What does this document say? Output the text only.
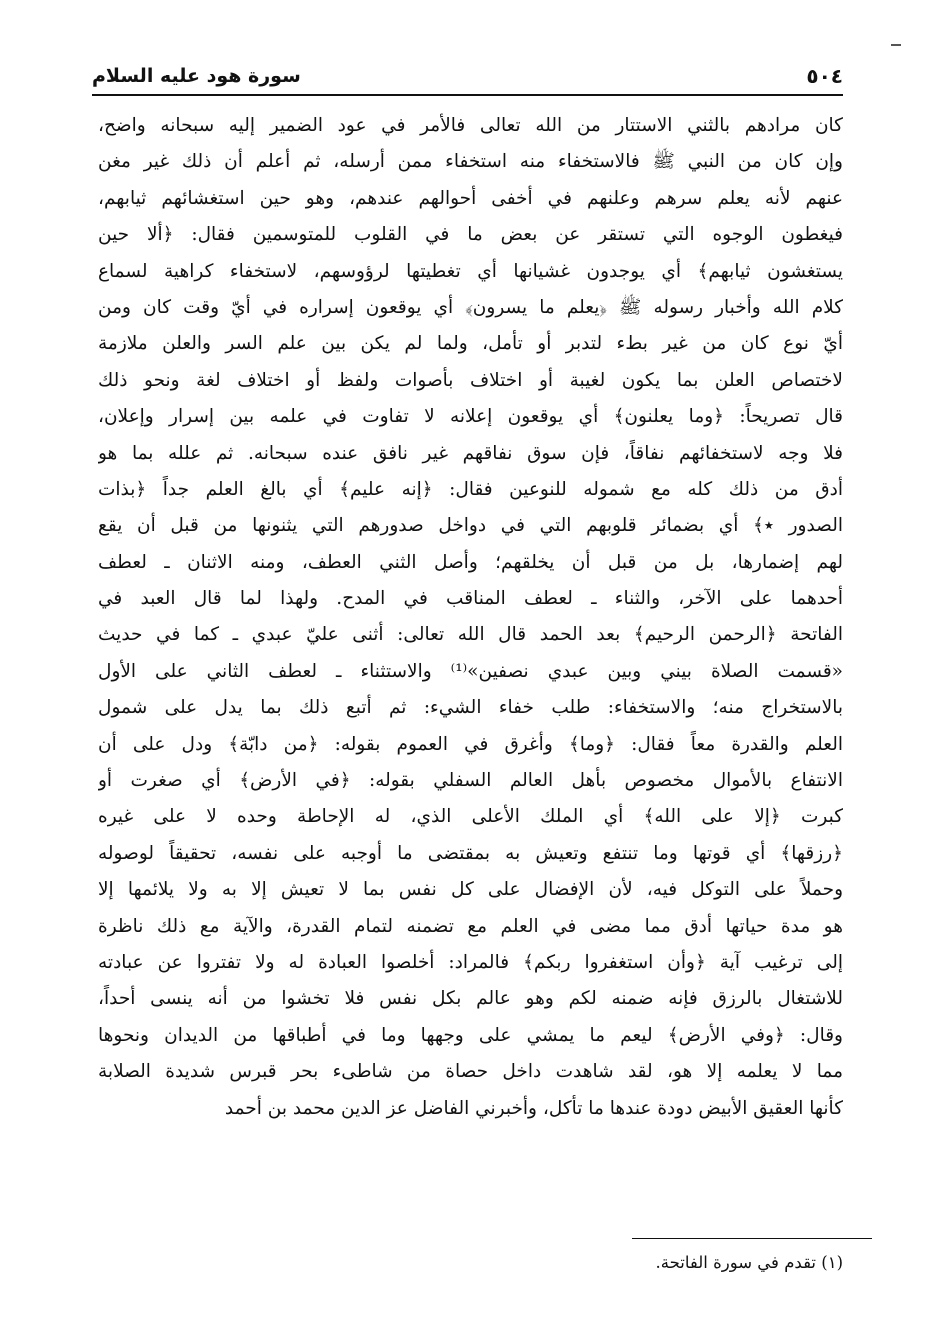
٥٠٤
سورة هود عليه السلام
كان مرادهم بالثني الاستتار من الله تعالى فالأمر في عود الضمير إليه سبحانه واضح،
وإن كان من النبي ﷺ فالاستخفاء منه استخفاء ممن أرسله، ثم أعلم أن ذلك غير مغن
عنهم لأنه يعلم سرهم وعلنهم في أخفى أحوالهم عندهم، وهو حين استغشائهم ثيابهم،
فيغطون الوجوه التي تستقر عن بعض ما في القلوب للمتوسمين فقال: ﴿ألا حين
يستغشون ثيابهم﴾ أي يوجدون غشيانها أي تغطيتها لرؤوسهم، لاستخفاء كراهية لسماع
كلام الله وأخبار رسوله ﷺ ﴿يعلم ما يسرون﴾ أي يوقعون إسراره في أيّ وقت كان ومن
أيّ نوع كان من غير بطء لتدبر أو تأمل، ولما لم يكن بين علم السر والعلن ملازمة
لاختصاص العلن بما يكون لغيبة أو اختلاف بأصوات ولفظ أو اختلاف لغة ونحو ذلك
قال تصريحاً: ﴿وما يعلنون﴾ أي يوقعون إعلانه لا تفاوت في علمه بين إسرار وإعلان،
فلا وجه لاستخفائهم نفاقاً، فإن سوق نفاقهم غير نافق عنده سبحانه. ثم علله بما هو
أدق من ذلك كله مع شموله للنوعين فقال: ﴿إنه عليم﴾ أي بالغ العلم جداً ﴿بذات
الصدور ٭﴾ أي بضمائر قلوبهم التي في دواخل صدورهم التي يثنونها من قبل أن يقع
لهم إضمارها، بل من قبل أن يخلقهم؛ وأصل الثني العطف، ومنه الاثنان ـ لعطف
أحدهما على الآخر، والثناء ـ لعطف المناقب في المدح. ولهذا لما قال العبد في
الفاتحة ﴿الرحمن الرحيم﴾ بعد الحمد قال الله تعالى: أثنى عليّ عبدي ـ كما في حديث
«قسمت الصلاة بيني وبين عبدي نصفين»⁽¹⁾ والاستثناء ـ لعطف الثاني على الأول
بالاستخراج منه؛ والاستخفاء: طلب خفاء الشيء: ثم أتبع ذلك بما يدل على شمول
العلم والقدرة معاً فقال: ﴿وما﴾ وأغرق في العموم بقوله: ﴿من دابّة﴾ ودل على أن
الانتفاع بالأموال مخصوص بأهل العالم السفلي بقوله: ﴿في الأرض﴾ أي صغرت أو
كبرت ﴿إلا على الله﴾ أي الملك الأعلى الذي، له الإحاطة وحده لا على غيره
﴿رزقها﴾ أي قوتها وما تنتفع وتعيش به بمقتضى ما أوجبه على نفسه، تحقيقاً لوصوله
وحملاً على التوكل فيه، لأن الإفضال على كل نفس بما لا تعيش إلا به ولا يلائمها إلا
هو مدة حياتها أدق مما مضى في العلم مع تضمنه لتمام القدرة، والآية مع ذلك ناظرة
إلى ترغيب آية ﴿وأن استغفروا ربكم﴾ فالمراد: أخلصوا العبادة له ولا تفتروا عن عبادته
للاشتغال بالرزق فإنه ضمنه لكم وهو عالم بكل نفس فلا تخشوا من أنه ينسى أحداً،
وقال: ﴿وفي الأرض﴾ ليعم ما يمشي على وجهها وما في أطباقها من الديدان ونحوها
مما لا يعلمه إلا هو، لقد شاهدت داخل حصاة من شاطىء بحر قبرس شديدة الصلابة
كأنها العقيق الأبيض دودة عندها ما تأكل، وأخبرني الفاضل عز الدين محمد بن أحمد
(١) تقدم في سورة الفاتحة.
